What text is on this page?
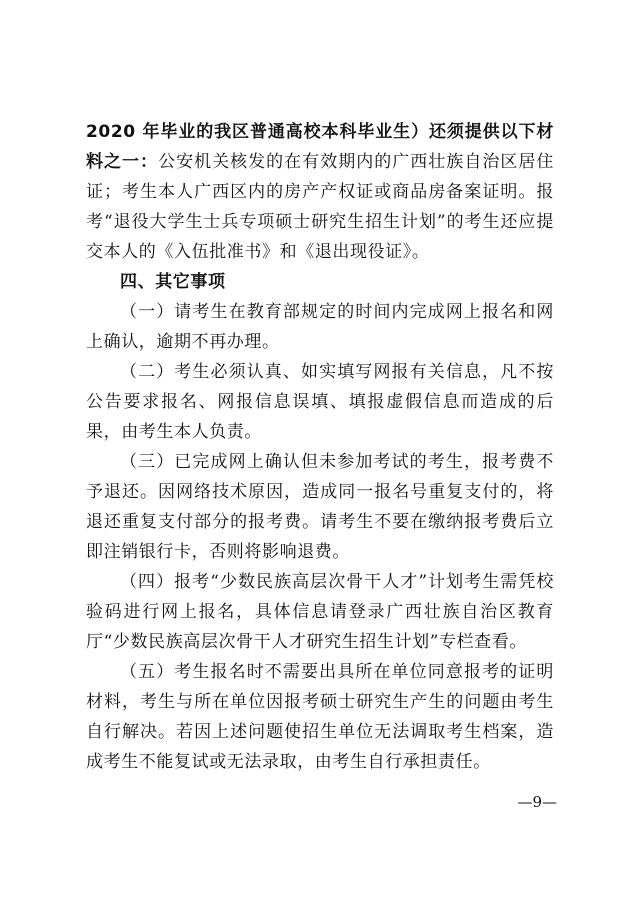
2020 年毕业的我区普通高校本科毕业生）还须提供以下材料之一：公安机关核发的在有效期内的广西壮族自治区居住证；考生本人广西区内的房产产权证或商品房备案证明。报考“退役大学生士兵专项硕士研究生招生计划”的考生还应提交本人的《入伍批准书》和《退出现役证》。

四、其它事项

（一）请考生在教育部规定的时间内完成网上报名和网上确认，逾期不再办理。

（二）考生必须认真、如实填写网报有关信息，凡不按公告要求报名、网报信息误填、填报虚假信息而造成的后果，由考生本人负责。

（三）已完成网上确认但未参加考试的考生，报考费不予退还。因网络技术原因，造成同一报名号重复支付的，将退还重复支付部分的报考费。请考生不要在缴纳报考费后立即注销银行卡，否则将影响退费。

（四）报考“少数民族高层次骨干人才”计划考生需凭校验码进行网上报名，具体信息请登录广西壮族自治区教育厅“少数民族高层次骨干人才研究生招生计划”专栏查看。

（五）考生报名时不需要出具所在单位同意报考的证明材料，考生与所在单位因报考硕士研究生产生的问题由考生自行解决。若因上述问题使招生单位无法调取考生档案，造成考生不能复试或无法录取，由考生自行承担责任。

—9—
